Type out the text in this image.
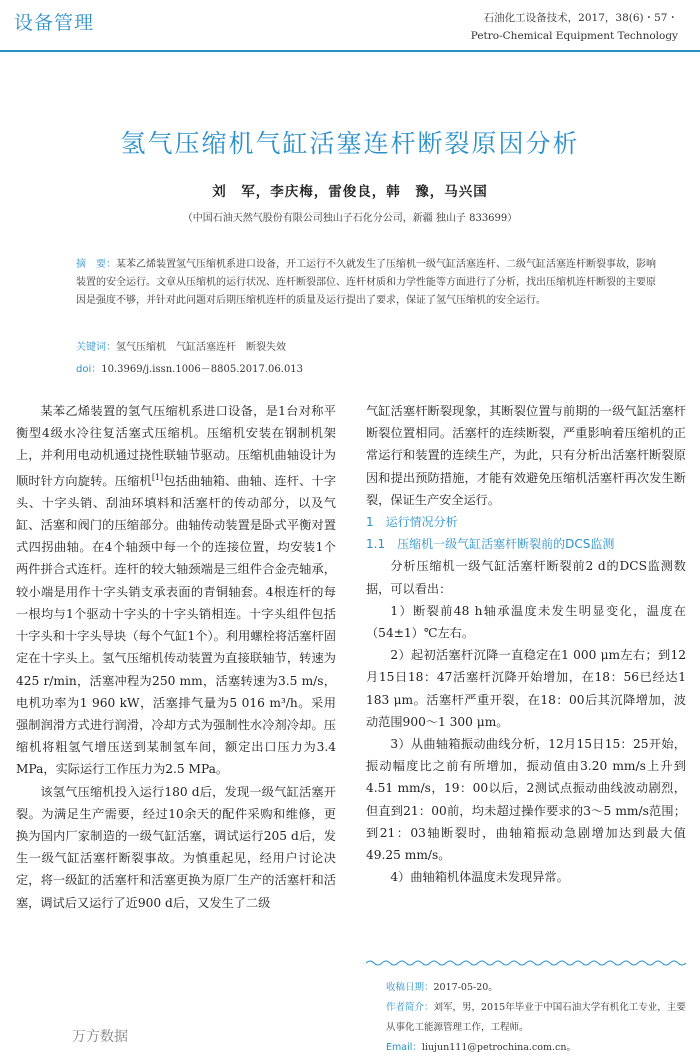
设备管理	石油化工设备技术，2017，38(6)・57・
Petro-Chemical Equipment Technology
氢气压缩机气缸活塞连杆断裂原因分析
刘　军，李庆梅，雷俊良，韩　豫，马兴国
（中国石油天然气股份有限公司独山子石化分公司，新疆 独山子 833699）
摘　要：某苯乙烯装置氢气压缩机系进口设备，开工运行不久就发生了压缩机一级气缸活塞连杆、二级气缸活塞连杆断裂事故，影响装置的安全运行。文章从压缩机的运行状况、连杆断裂部位、连杆材质和力学性能等方面进行了分析，找出压缩机连杆断裂的主要原因是强度不够，并针对此问题对后期压缩机连杆的质量及运行提出了要求，保证了氢气压缩机的安全运行。
关键词：氢气压缩机　气缸活塞连杆　断裂失效
doi：10.3969/j.issn.1006－8805.2017.06.013

某苯乙烯装置的氢气压缩机系进口设备，是1台对称平衡型4级水冷往复活塞式压缩机。压缩机安装在钢制机架上，并利用电动机通过挠性联轴节驱动。压缩机曲轴设计为顺时针方向旋转。压缩机[1]包括曲轴箱、曲轴、连杆、十字头、十字头销、刮油环填料和活塞杆的传动部分，以及气缸、活塞和阀门的压缩部分。曲轴传动装置是卧式平衡对置式四拐曲轴。在4个轴颈中每一个的连接位置，均安装1个两件拼合式连杆。连杆的较大轴颈端是三组件合金壳轴承，较小端是用作十字头销支承表面的青铜轴套。4根连杆的每一根均与1个驱动十字头的十字头销相连。十字头组件包括十字头和十字头导块（每个气缸1个）。利用螺栓将活塞杆固定在十字头上。氢气压缩机传动装置为直接联轴节，转速为425 r/min，活塞冲程为250 mm，活塞转速为3.5 m/s，电机功率为1 960 kW，活塞排气量为5 016 m³/h。采用强制润滑方式进行润滑，冷却方式为强制性水冷剂冷却。压缩机将粗氢气增压送到某制氢车间，额定出口压力为3.4 MPa，实际运行工作压力为2.5 MPa。

该氢气压缩机投入运行180 d后，发现一级气缸活塞开裂。为满足生产需要，经过10余天的配件采购和维修，更换为国内厂家制造的一级气缸活塞，调试运行205 d后，发生一级气缸活塞杆断裂事故。为慎重起见，经用户讨论决定，将一级缸的活塞杆和活塞更换为原厂生产的活塞杆和活塞，调试后又运行了近900 d后，又发生了二级

气缸活塞杆断裂现象，其断裂位置与前期的一级气缸活塞杆断裂位置相同。活塞杆的连续断裂，严重影响着压缩机的正常运行和装置的连续生产，为此，只有分析出活塞杆断裂原因和提出预防措施，才能有效避免压缩机活塞杆再次发生断裂，保证生产安全运行。

1　运行情况分析

1.1　压缩机一级气缸活塞杆断裂前的DCS监测

分析压缩机一级气缸活塞杆断裂前2 d的DCS监测数据，可以看出：

1）断裂前48 h轴承温度未发生明显变化，温度在（54±1）℃左右。

2）起初活塞杆沉降一直稳定在1 000 μm左右；到12月15日18：47活塞杆沉降开始增加，在18：56已经达1 183 μm。活塞杆严重开裂，在18：00后其沉降增加，波动范围900～1 300 μm。

3）从曲轴箱振动曲线分析，12月15日15：25开始，振动幅度比之前有所增加，振动值由3.20 mm/s上升到4.51 mm/s，19：00以后，2测试点振动曲线波动剧烈，但直到21：00前，均未超过操作要求的3～5 mm/s范围；到21：03轴断裂时，曲轴箱振动急剧增加达到最大值49.25 mm/s。

4）曲轴箱机体温度未发现异常。

收稿日期：2017-05-20。
作者简介：刘军，男，2015年毕业于中国石油大学有机化工专业，主要从事化工能源管理工作，工程师。
Email：liujun111@petrochina.com.cn。
万方数据
